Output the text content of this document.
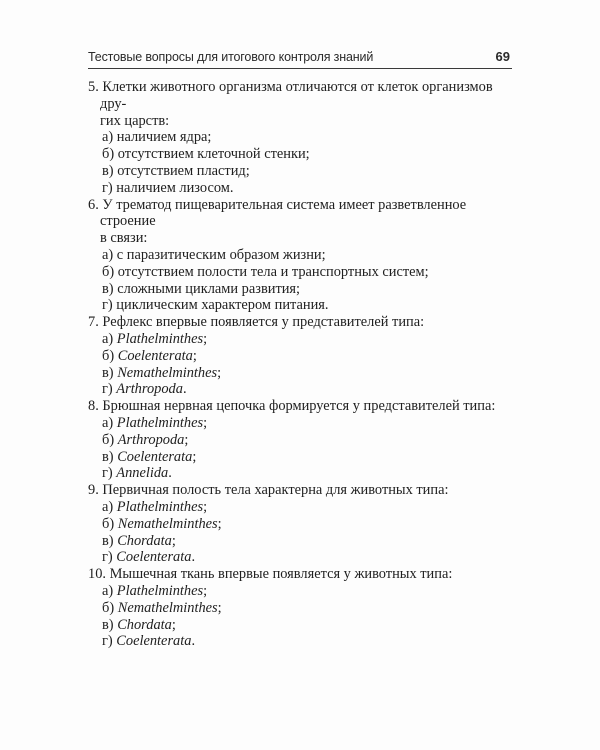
Тестовые вопросы для итогового контроля знаний	69
5. Клетки животного организма отличаются от клеток организмов дру-
гих царств:
а) наличием ядра;
б) отсутствием клеточной стенки;
в) отсутствием пластид;
г) наличием лизосом.
6. У трематод пищеварительная система имеет разветвленное строение
в связи:
а) с паразитическим образом жизни;
б) отсутствием полости тела и транспортных систем;
в) сложными циклами развития;
г) циклическим характером питания.
7. Рефлекс впервые появляется у представителей типа:
а) Plathelminthes;
б) Coelenterata;
в) Nemathelminthes;
г) Arthropoda.
8. Брюшная нервная цепочка формируется у представителей типа:
а) Plathelminthes;
б) Arthropoda;
в) Coelenterata;
г) Annelida.
9. Первичная полость тела характерна для животных типа:
а) Plathelminthes;
б) Nemathelminthes;
в) Chordata;
г) Coelenterata.
10. Мышечная ткань впервые появляется у животных типа:
а) Plathelminthes;
б) Nemathelminthes;
в) Chordata;
г) Coelenterata.
